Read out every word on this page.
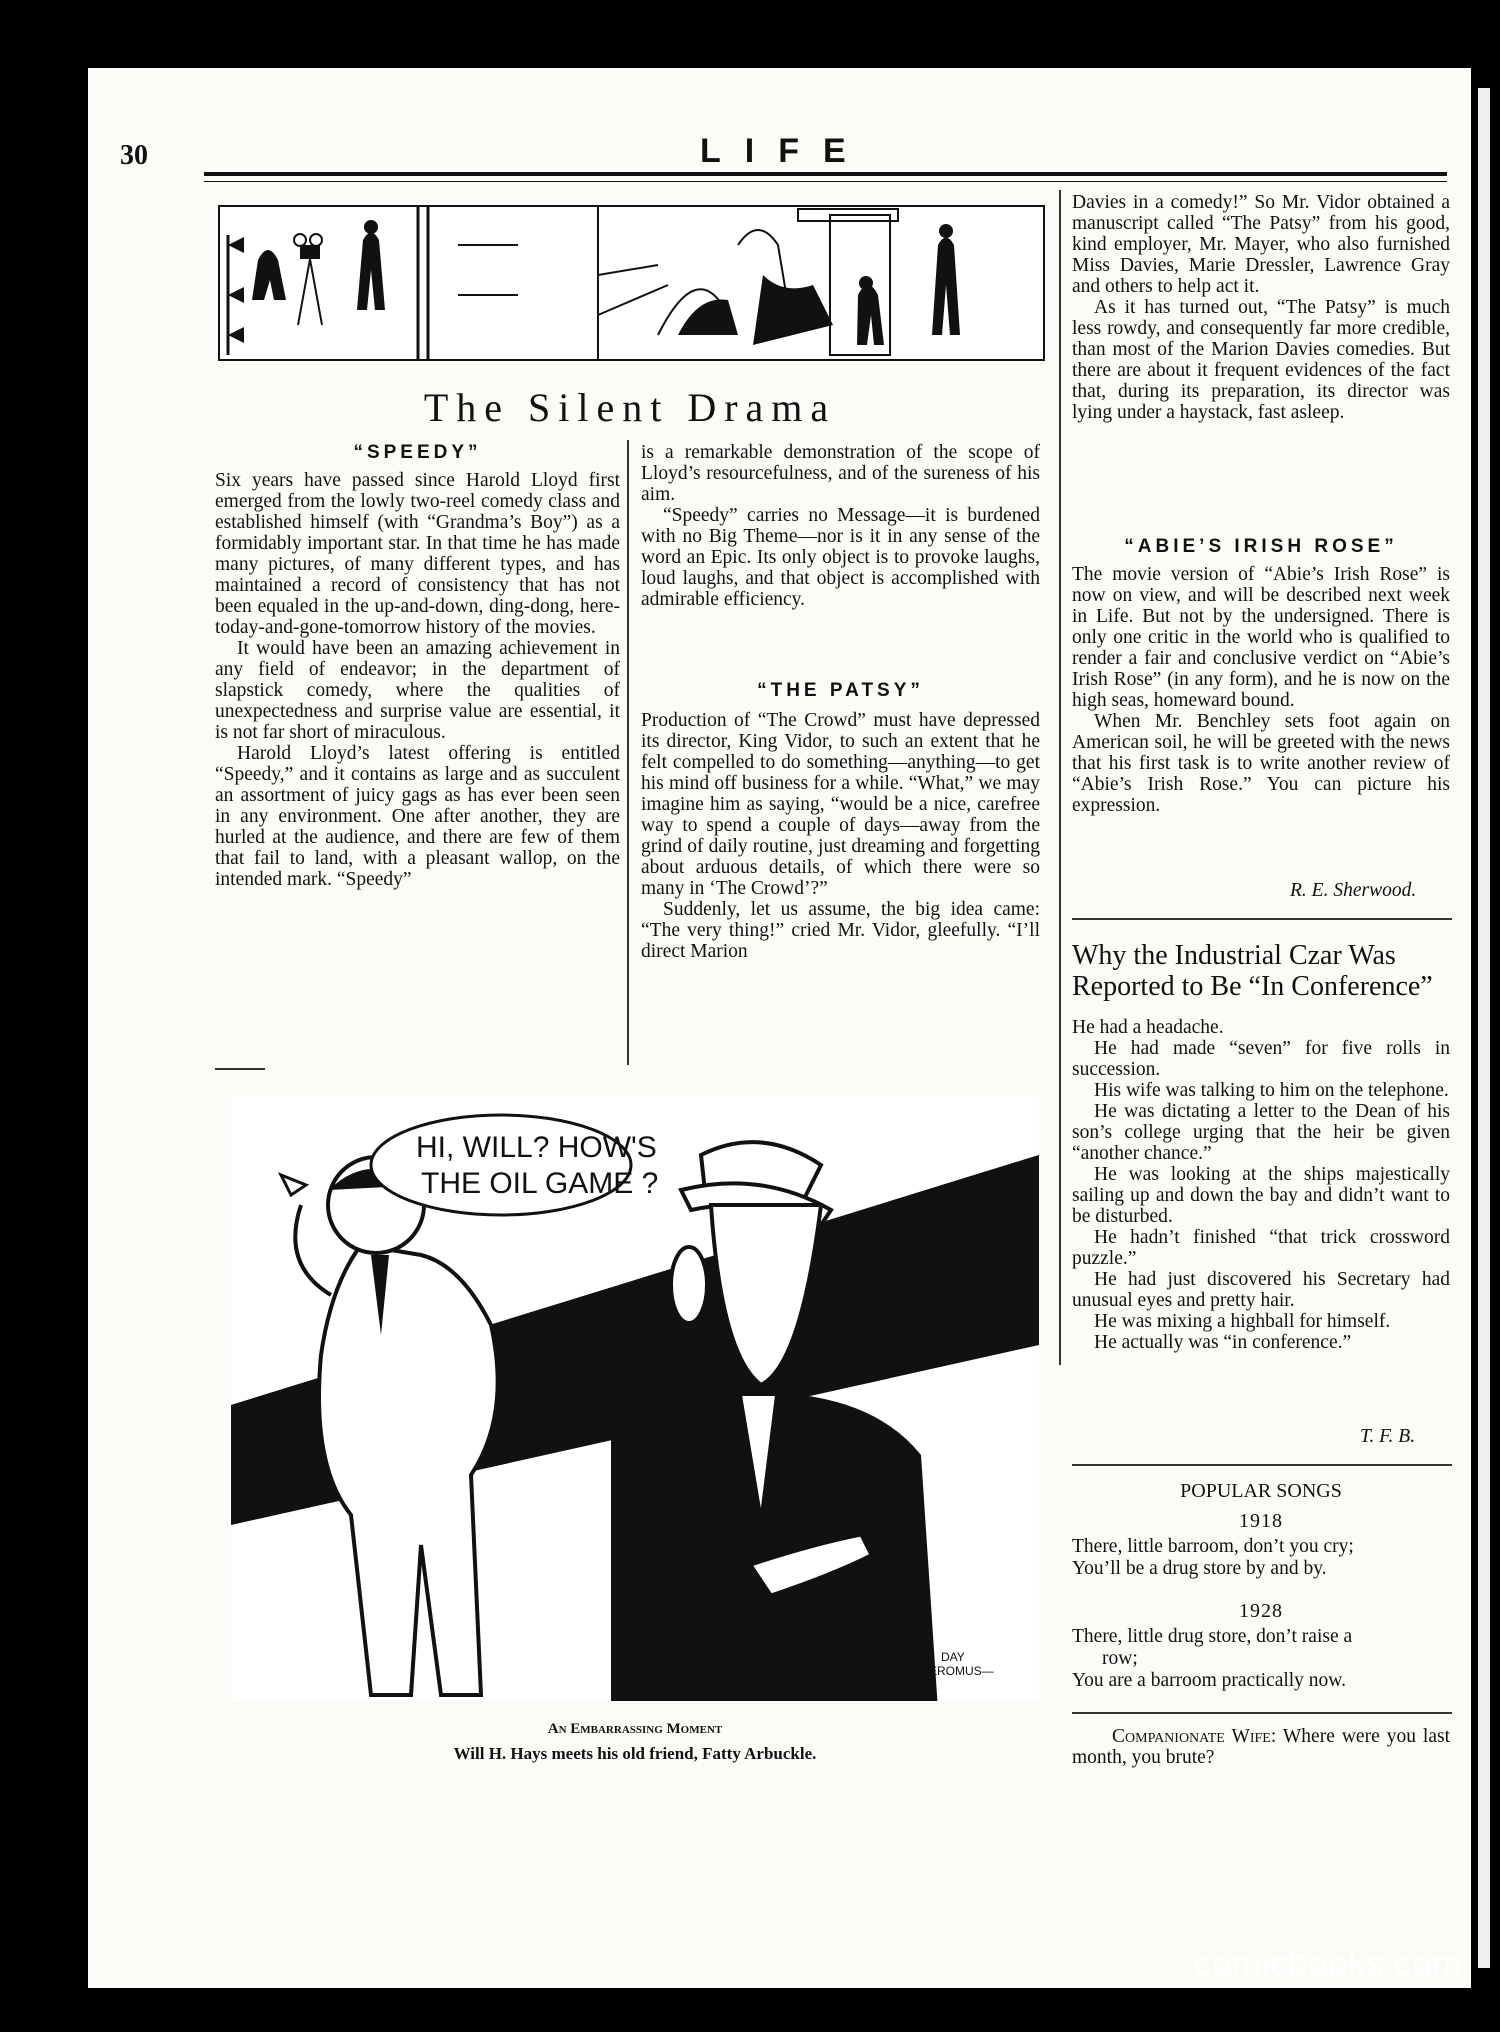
30	LIFE
The Silent Drama
“SPEEDY”

Six years have passed since Harold Lloyd first emerged from the lowly two-reel comedy class and established himself (with “Grandma’s Boy”) as a formidably important star. In that time he has made many pictures, of many different types, and has maintained a record of consistency that has not been equaled in the up-and-down, ding-dong, here-today-and-gone-tomorrow history of the movies.

It would have been an amazing achievement in any field of endeavor; in the department of slapstick comedy, where the qualities of unexpectedness and surprise value are essential, it is not far short of miraculous.

Harold Lloyd’s latest offering is entitled “Speedy,” and it contains as large and as succulent an assortment of juicy gags as has ever been seen in any environment. One after another, they are hurled at the audience, and there are few of them that fail to land, with a pleasant wallop, on the intended mark. “Speedy”

is a remarkable demonstration of the scope of Lloyd’s resourcefulness, and of the sureness of his aim.

“Speedy” carries no Message—it is burdened with no Big Theme—nor is it in any sense of the word an Epic. Its only object is to provoke laughs, loud laughs, and that object is accomplished with admirable efficiency.

“THE PATSY”

Production of “The Crowd” must have depressed its director, King Vidor, to such an extent that he felt compelled to do something—anything—to get his mind off business for a while. “What,” we may imagine him as saying, “would be a nice, carefree way to spend a couple of days—away from the grind of daily routine, just dreaming and forgetting about arduous details, of which there were so many in ‘The Crowd’?”

Suddenly, let us assume, the big idea came: “The very thing!” cried Mr. Vidor, gleefully. “I’ll direct Marion

Davies in a comedy!” So Mr. Vidor obtained a manuscript called “The Patsy” from his good, kind employer, Mr. Mayer, who also furnished Miss Davies, Marie Dressler, Lawrence Gray and others to help act it.

As it has turned out, “The Patsy” is much less rowdy, and consequently far more credible, than most of the Marion Davies comedies. But there are about it frequent evidences of the fact that, during its preparation, its director was lying under a haystack, fast asleep.

“ABIE’S IRISH ROSE”

The movie version of “Abie’s Irish Rose” is now on view, and will be described next week in Life. But not by the undersigned. There is only one critic in the world who is qualified to render a fair and conclusive verdict on “Abie’s Irish Rose” (in any form), and he is now on the high seas, homeward bound.

When Mr. Benchley sets foot again on American soil, he will be greeted with the news that his first task is to write another review of “Abie’s Irish Rose.” You can picture his expression.

R. E. Sherwood.
Why the Industrial Czar Was Reported to Be “In Conference”

He had a headache.

He had made “seven” for five rolls in succession.

His wife was talking to him on the telephone.

He was dictating a letter to the Dean of his son’s college urging that the heir be given “another chance.”

He was looking at the ships majestically sailing up and down the bay and didn’t want to be disturbed.

He hadn’t finished “that trick crossword puzzle.”

He had just discovered his Secretary had unusual eyes and pretty hair.

He was mixing a highball for himself.

He actually was “in conference.”

T. F. B.
POPULAR SONGS
1918
There, little barroom, don’t you cry;
You’ll be a drug store by and by.
1928
There, little drug store, don’t raise a
row;
You are a barroom practically now.
Companionate Wife: Where were you last month, you brute?
HI, WILL? HOW'S
THE OIL GAME ?
DAY
BEROMUS—
An Embarrassing Moment
Will H. Hays meets his old friend, Fatty Arbuckle.
comicbooks.com
